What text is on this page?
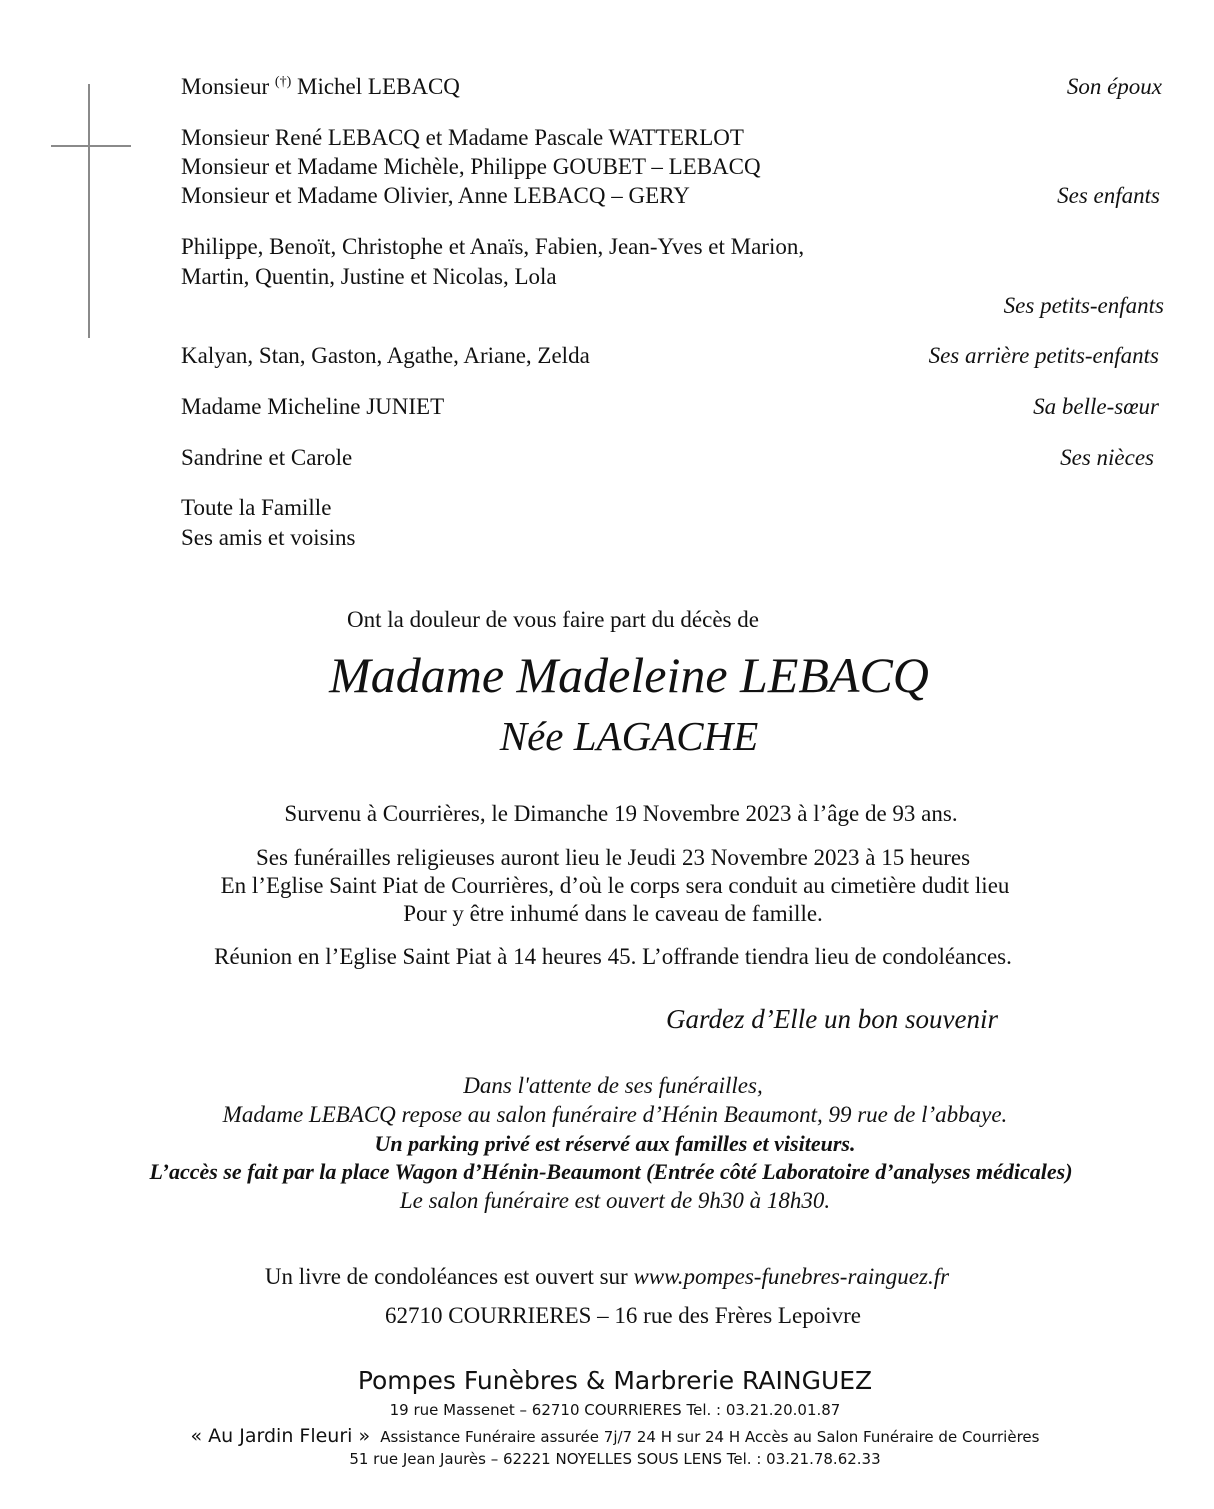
Monsieur (†) Michel LEBACQ	Son époux
Monsieur René LEBACQ et Madame Pascale WATTERLOT
Monsieur et Madame Michèle, Philippe GOUBET – LEBACQ
Monsieur et Madame Olivier, Anne LEBACQ – GERY	Ses enfants
Philippe, Benoït, Christophe et Anaïs, Fabien, Jean-Yves et Marion,
Martin, Quentin, Justine et Nicolas, Lola
Ses petits-enfants
Kalyan, Stan, Gaston, Agathe, Ariane, Zelda	Ses arrière petits-enfants
Madame Micheline JUNIET	Sa belle-sœur
Sandrine et Carole	Ses nièces
Toute la Famille
Ses amis et voisins
Ont la douleur de vous faire part du décès de
Madame Madeleine LEBACQ
Née LAGACHE
Survenu à Courrières, le Dimanche 19 Novembre 2023 à l’âge de 93 ans.
Ses funérailles religieuses auront lieu le Jeudi 23 Novembre 2023 à 15 heures
En l’Eglise Saint Piat de Courrières, d’où le corps sera conduit au cimetière dudit lieu
Pour y être inhumé dans le caveau de famille.
Réunion en l’Eglise Saint Piat à 14 heures 45. L’offrande tiendra lieu de condoléances.
Gardez d’Elle un bon souvenir
Dans l'attente de ses funérailles,
Madame LEBACQ repose au salon funéraire d’Hénin Beaumont, 99 rue de l’abbaye.
Un parking privé est réservé aux familles et visiteurs.
L’accès se fait par la place Wagon d’Hénin-Beaumont (Entrée côté Laboratoire d’analyses médicales)
Le salon funéraire est ouvert de 9h30 à 18h30.
Un livre de condoléances est ouvert sur www.pompes-funebres-rainguez.fr
62710 COURRIERES – 16 rue des Frères Lepoivre
Pompes Funèbres & Marbrerie RAINGUEZ
19 rue Massenet – 62710 COURRIERES Tel. : 03.21.20.01.87
« Au Jardin Fleuri » Assistance Funéraire assurée 7j/7 24 H sur 24 H Accès au Salon Funéraire de Courrières
51 rue Jean Jaurès – 62221 NOYELLES SOUS LENS Tel. : 03.21.78.62.33
